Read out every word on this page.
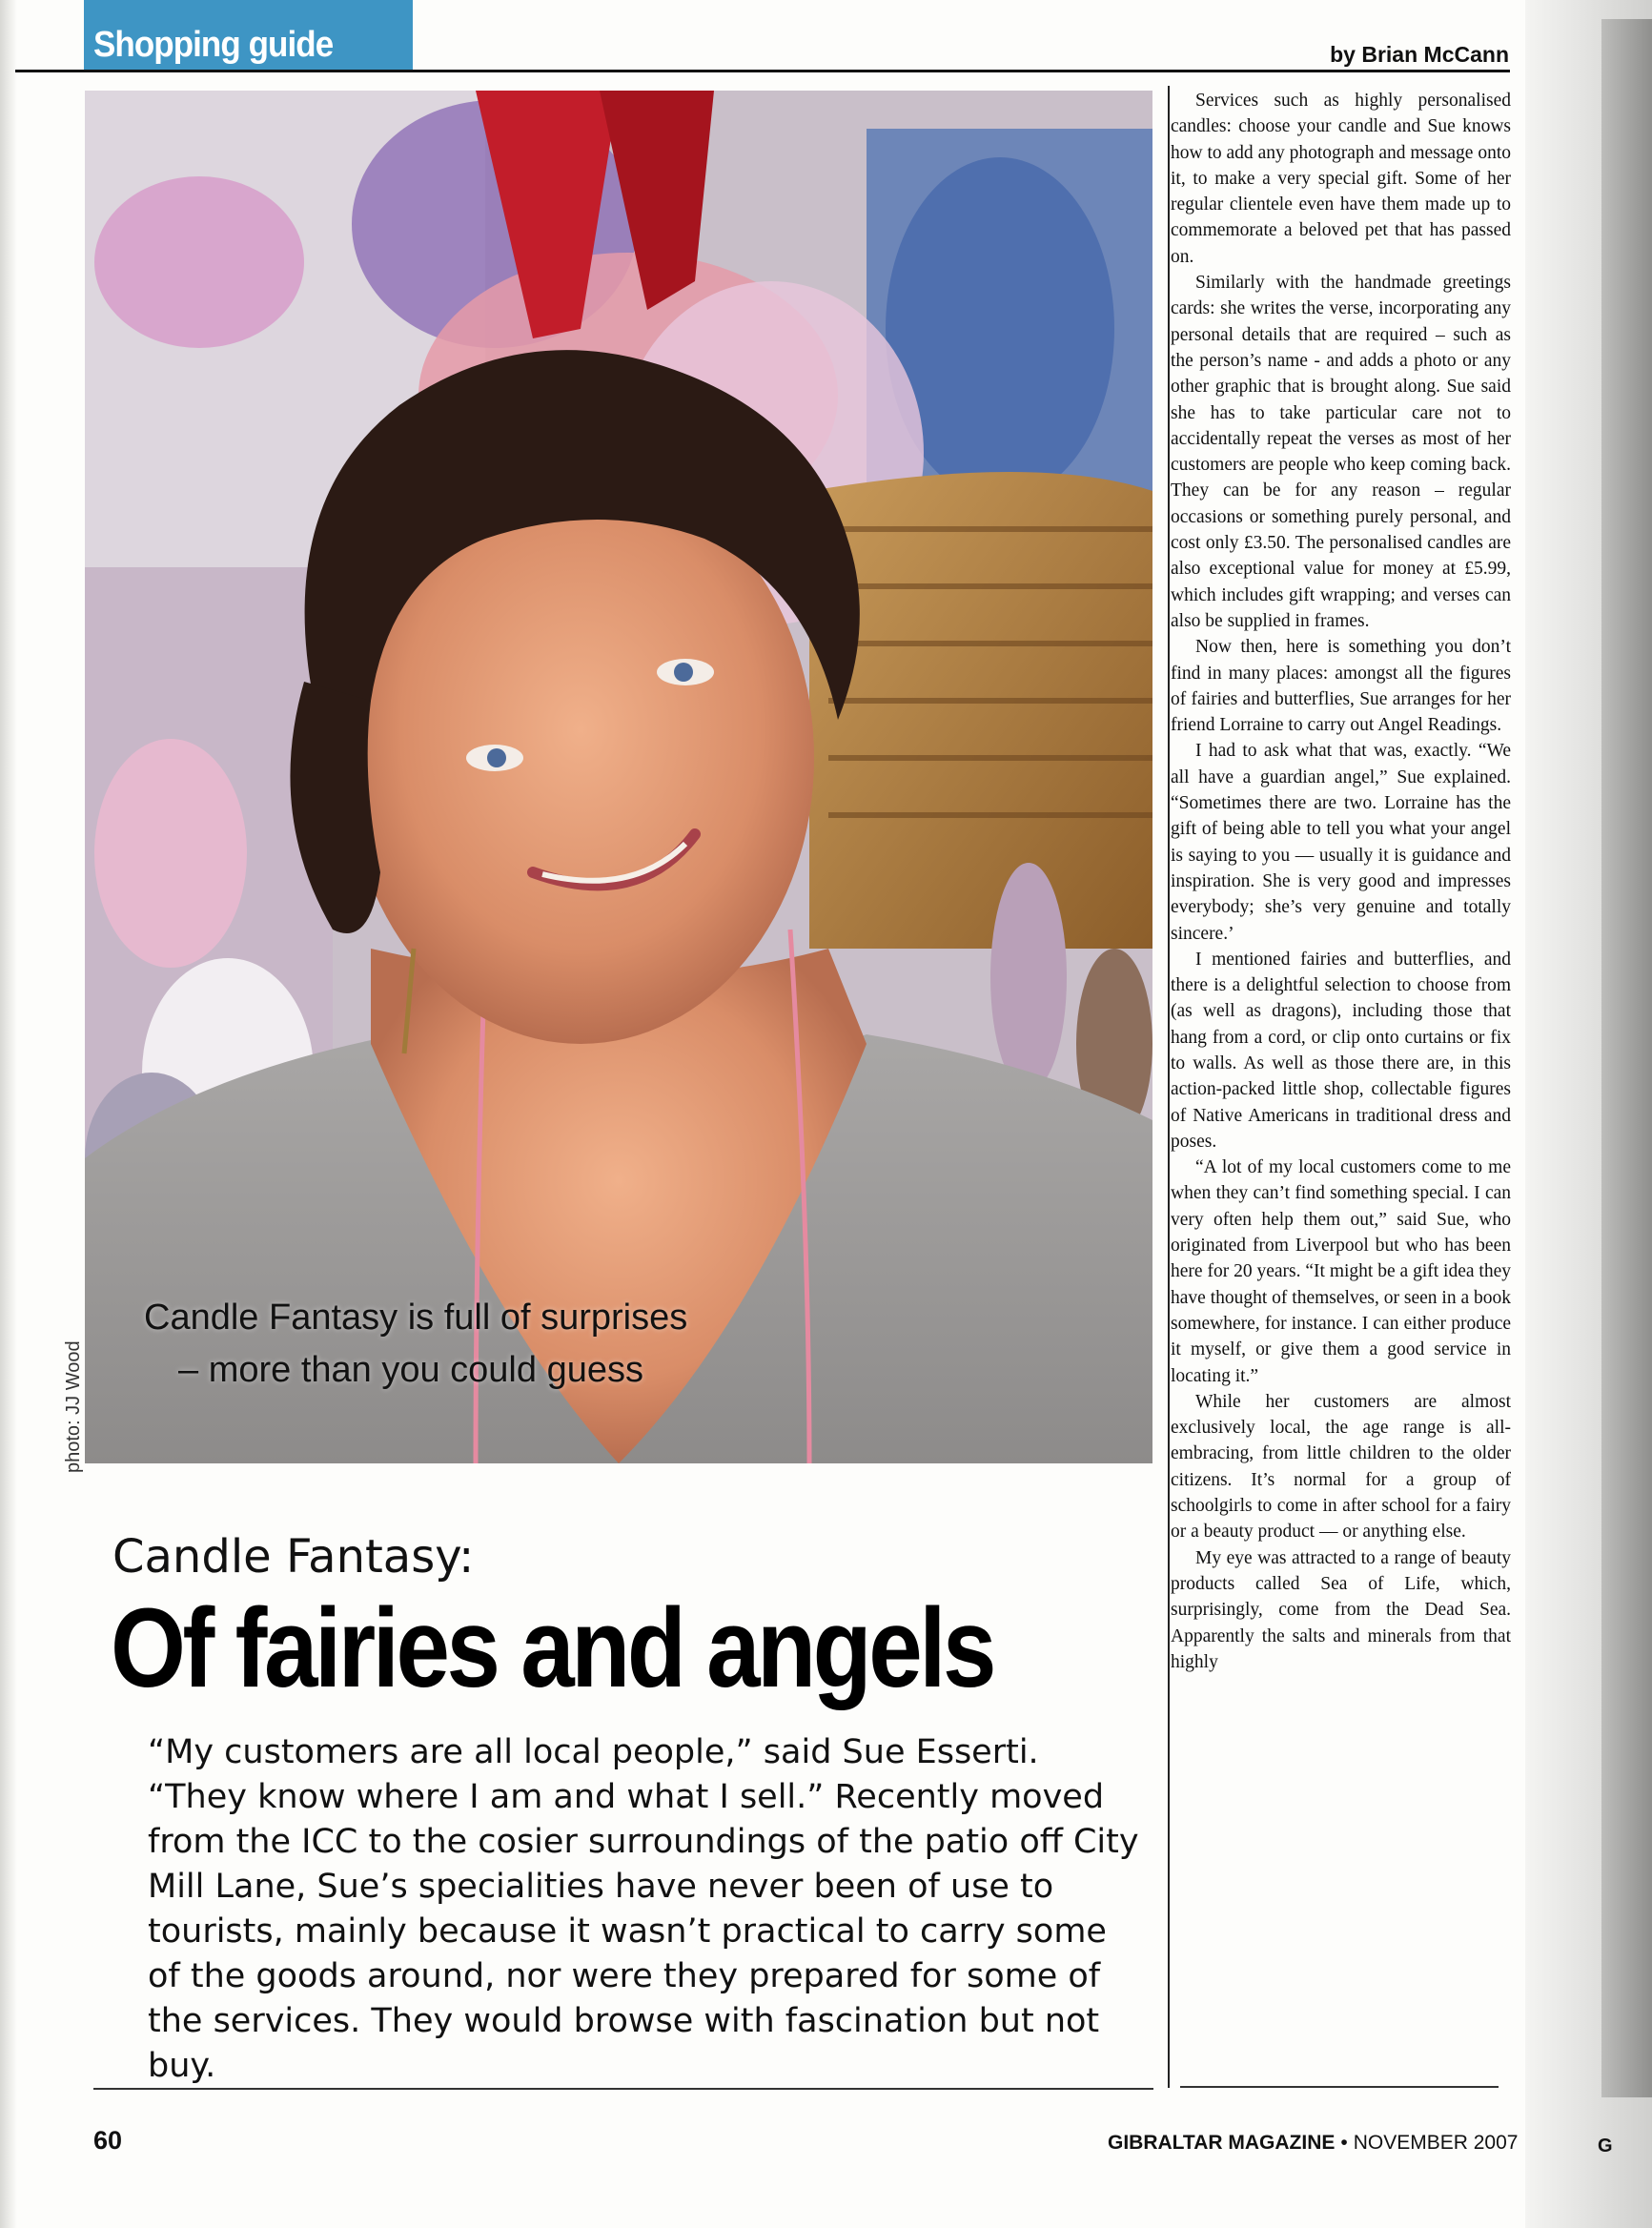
G
Shopping guide	by Brian McCann
Candle Fantasy is full of surprises
– more than you could guess
photo: JJ Wood
Candle Fantasy:
Of fairies and angels

“My customers are all local people,” said Sue Esserti. “They know where I am and what I sell.” Recently moved from the ICC to the cosier surroundings of the patio off City Mill Lane, Sue’s specialities have never been of use to tourists, mainly because it wasn’t practical to carry some of the goods around, nor were they prepared for some of the services. They would browse with fascination but not buy.

Services such as highly personalised candles: choose your candle and Sue knows how to add any photograph and message onto it, to make a very special gift. Some of her regular clientele even have them made up to commemorate a beloved pet that has passed on.

Similarly with the handmade greetings cards: she writes the verse, incorporating any personal details that are required – such as the person’s name - and adds a photo or any other graphic that is brought along. Sue said she has to take particular care not to accidentally repeat the verses as most of her customers are people who keep coming back. They can be for any reason – regular occasions or something purely personal, and cost only £3.50. The personalised candles are also exceptional value for money at £5.99, which includes gift wrapping; and verses can also be supplied in frames.

Now then, here is something you don’t find in many places: amongst all the figures of fairies and butterflies, Sue arranges for her friend Lorraine to carry out Angel Readings.

I had to ask what that was, exactly. “We all have a guardian angel,” Sue explained. “Sometimes there are two. Lorraine has the gift of being able to tell you what your angel is saying to you — usually it is guidance and inspiration. She is very good and impresses everybody; she’s very genuine and totally sincere.’

I mentioned fairies and butterflies, and there is a delightful selection to choose from (as well as dragons), including those that hang from a cord, or clip onto curtains or fix to walls. As well as those there are, in this action-packed little shop, collectable figures of Native Americans in traditional dress and poses.

“A lot of my local customers come to me when they can’t find something special. I can very often help them out,” said Sue, who originated from Liverpool but who has been here for 20 years. “It might be a gift idea they have thought of themselves, or seen in a book somewhere, for instance. I can either produce it myself, or give them a good service in locating it.”

While her customers are almost exclusively local, the age range is all-embracing, from little children to the older citizens. It’s normal for a group of schoolgirls to come in after school for a fairy or a beauty product — or anything else.

My eye was attracted to a range of beauty products called Sea of Life, which, surprisingly, come from the Dead Sea. Apparently the salts and minerals from that highly

60	GIBRALTAR MAGAZINE • NOVEMBER 2007
